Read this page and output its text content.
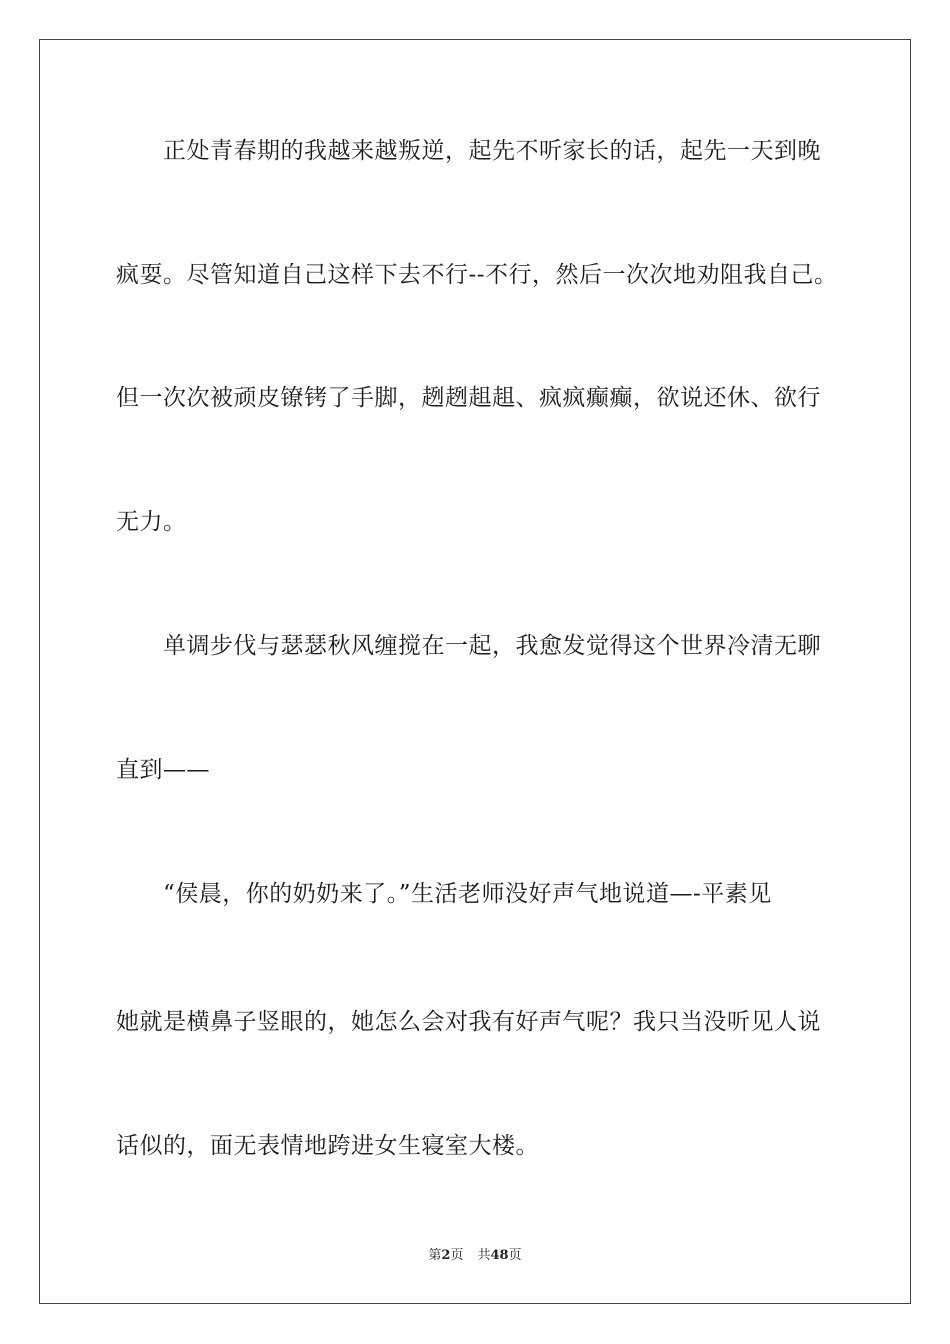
正处青春期的我越来越叛逆，起先不听家长的话，起先一天到晚
疯耍。尽管知道自己这样下去不行--不行，然后一次次地劝阻我自己。
但一次次被顽皮镣铐了手脚，趔趔趄趄、疯疯癫癫，欲说还休、欲行
无力。
单调步伐与瑟瑟秋风缠搅在一起，我愈发觉得这个世界冷清无聊
直到——
“侯晨，你的奶奶来了。”生活老师没好声气地说道—-平素见
她就是横鼻子竖眼的，她怎么会对我有好声气呢？我只当没听见人说
话似的，面无表情地跨进女生寝室大楼。
第2页 共48页
